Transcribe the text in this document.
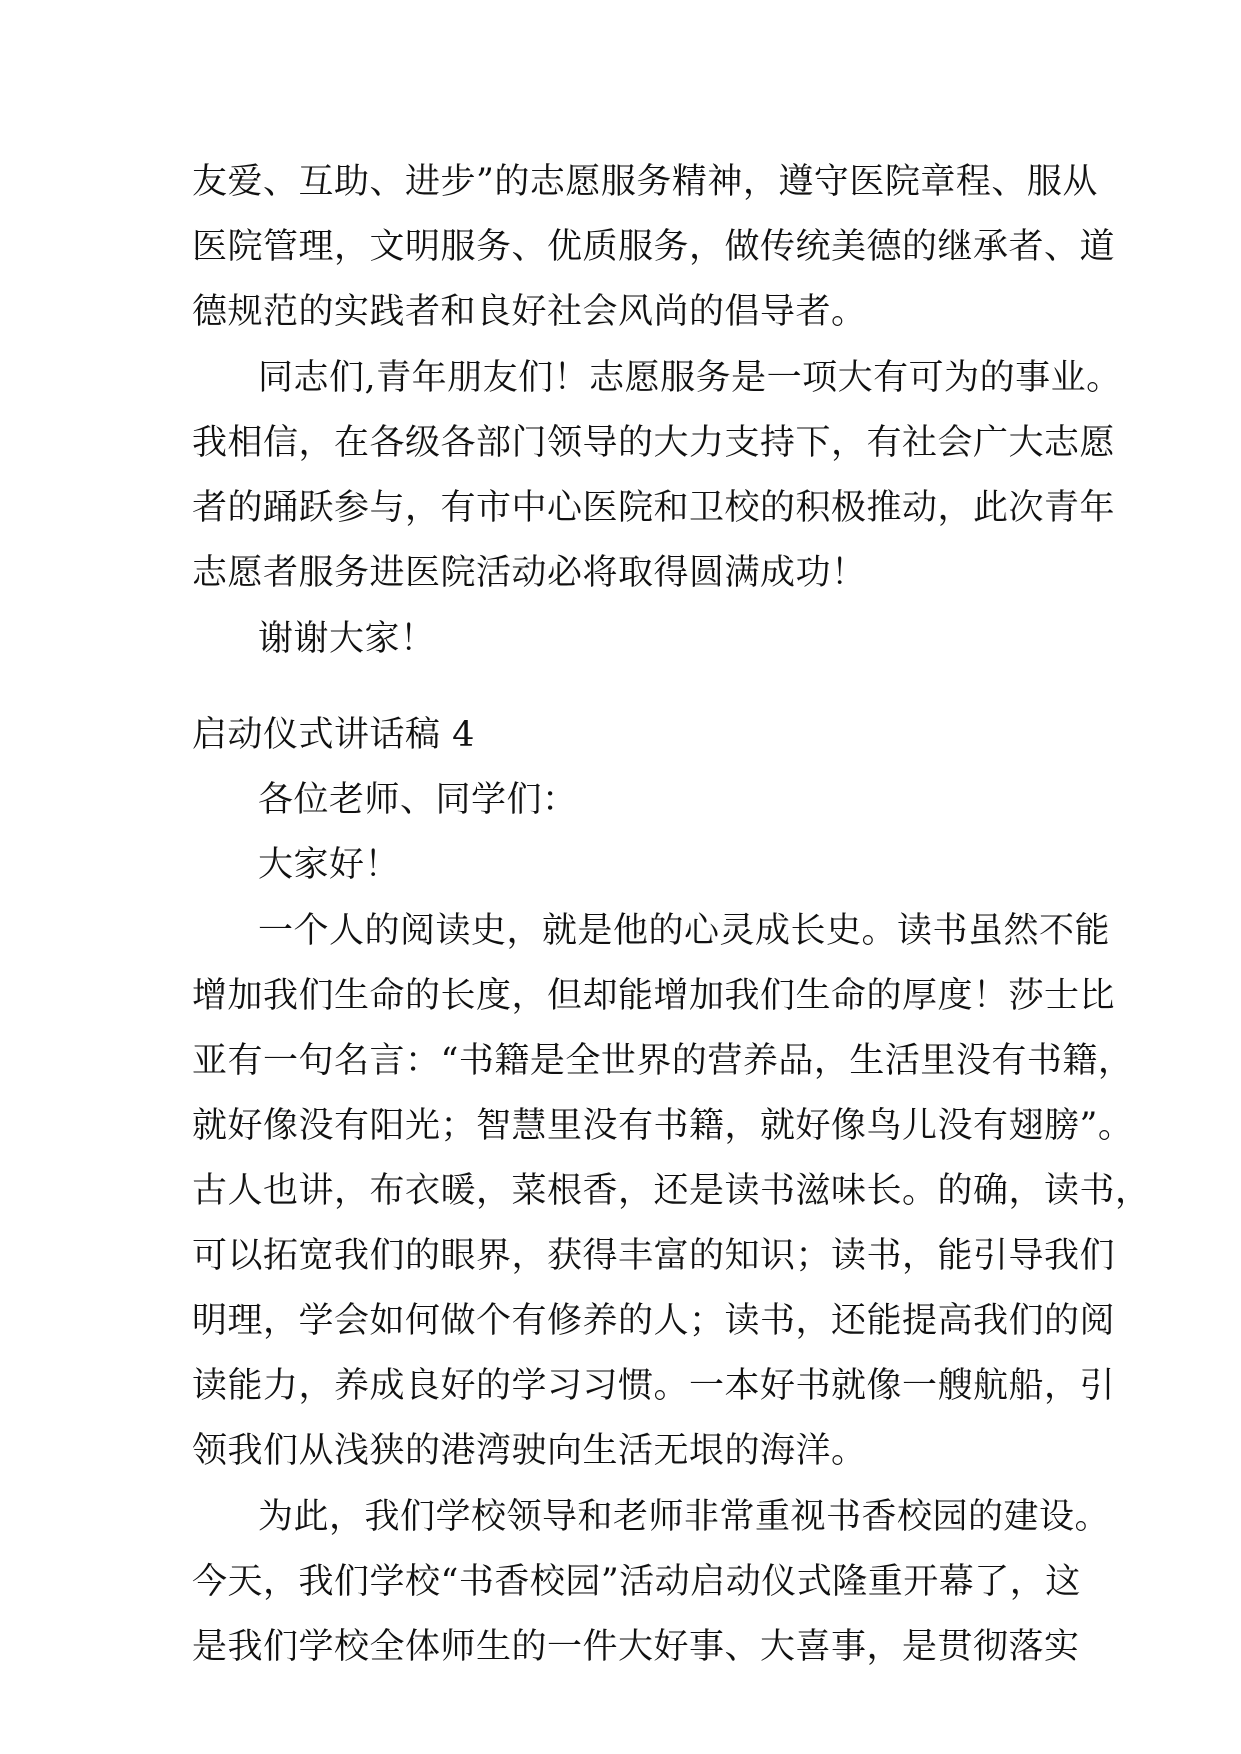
友爱、互助、进步”的志愿服务精神，遵守医院章程、服从
医院管理，文明服务、优质服务，做传统美德的继承者、道
德规范的实践者和良好社会风尚的倡导者。
同志们,青年朋友们！志愿服务是一项大有可为的事业。
我相信，在各级各部门领导的大力支持下，有社会广大志愿
者的踊跃参与，有市中心医院和卫校的积极推动，此次青年
志愿者服务进医院活动必将取得圆满成功！
谢谢大家！
启动仪式讲话稿 4
各位老师、同学们：
大家好！
一个人的阅读史，就是他的心灵成长史。读书虽然不能
增加我们生命的长度，但却能增加我们生命的厚度！莎士比
亚有一句名言：“书籍是全世界的营养品，生活里没有书籍，
就好像没有阳光；智慧里没有书籍，就好像鸟儿没有翅膀”。
古人也讲，布衣暖，菜根香，还是读书滋味长。的确，读书，
可以拓宽我们的眼界，获得丰富的知识；读书，能引导我们
明理，学会如何做个有修养的人；读书，还能提高我们的阅
读能力，养成良好的学习习惯。一本好书就像一艘航船，引
领我们从浅狭的港湾驶向生活无垠的海洋。
为此，我们学校领导和老师非常重视书香校园的建设。
今天，我们学校“书香校园”活动启动仪式隆重开幕了，这
是我们学校全体师生的一件大好事、大喜事，是贯彻落实
